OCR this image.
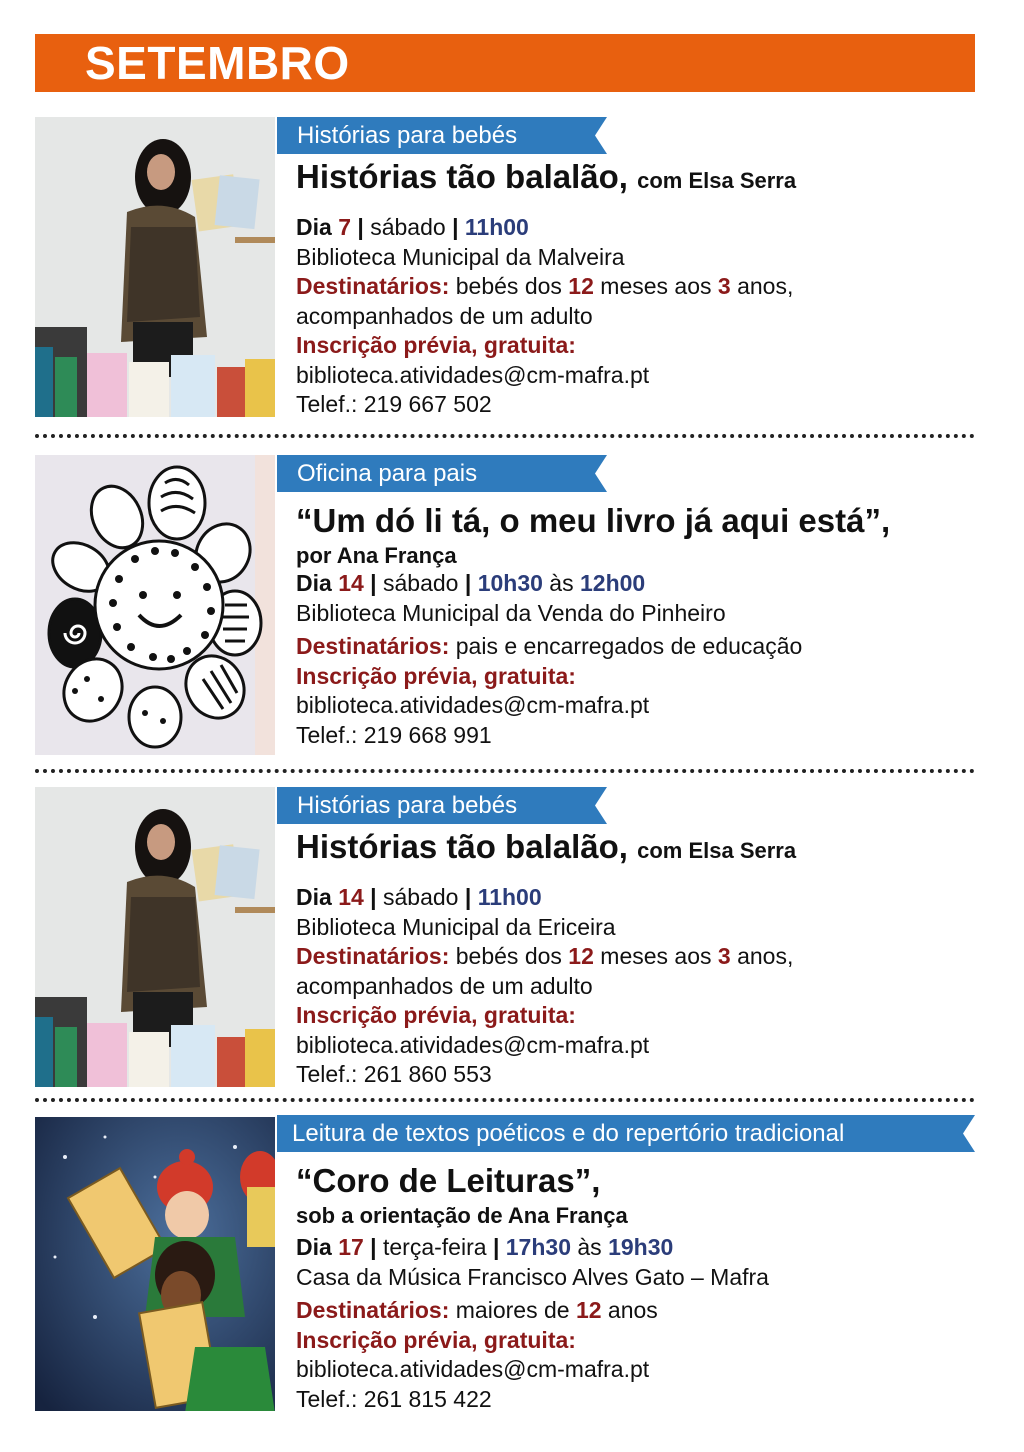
SETEMBRO
Histórias para bebés
Histórias tão balalão, com Elsa Serra
Dia 7 | sábado | 11h00
Biblioteca Municipal da Malveira
Destinatários: bebés dos 12 meses aos 3 anos,
acompanhados de um adulto
Inscrição prévia, gratuita:
biblioteca.atividades@cm-mafra.pt
Telef.: 219 667 502
Oficina para pais
“Um dó li tá, o meu livro já aqui está”,
por Ana França
Dia 14 | sábado | 10h30 às 12h00
Biblioteca Municipal da Venda do Pinheiro
Destinatários: pais e encarregados de educação
Inscrição prévia, gratuita:
biblioteca.atividades@cm-mafra.pt
Telef.: 219 668 991
Histórias para bebés
Histórias tão balalão, com Elsa Serra
Dia 14 | sábado | 11h00
Biblioteca Municipal da Ericeira
Destinatários: bebés dos 12 meses aos 3 anos,
acompanhados de um adulto
Inscrição prévia, gratuita:
biblioteca.atividades@cm-mafra.pt
Telef.: 261 860 553
Leitura de textos poéticos e do repertório tradicional
“Coro de Leituras”,
sob a orientação de Ana França
Dia 17 | terça-feira | 17h30 às 19h30
Casa da Música Francisco Alves Gato – Mafra
Destinatários: maiores de 12 anos
Inscrição prévia, gratuita:
biblioteca.atividades@cm-mafra.pt
Telef.: 261 815 422
